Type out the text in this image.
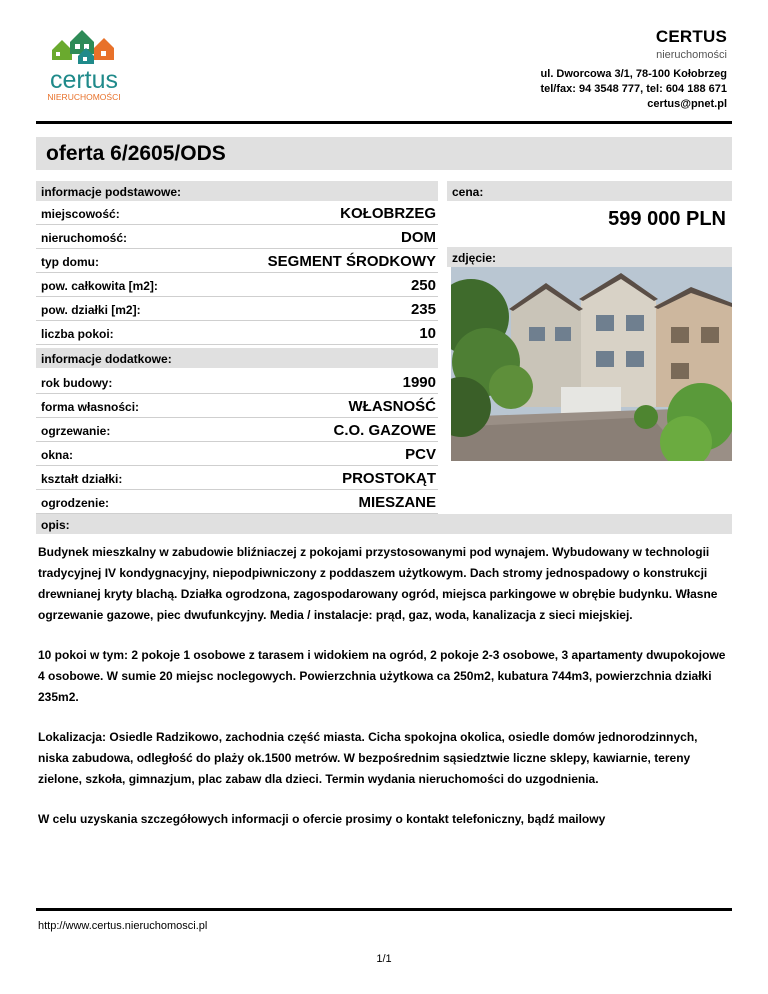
certus
NIERUCHOMOŚCI
CERTUS
nieruchomości
ul. Dworcowa 3/1, 78-100 Kołobrzeg
tel/fax: 94 3548 777, tel: 604 188 671
certus@pnet.pl
oferta 6/2605/ODS
informacje podstawowe:	cena:
599 000 PLN
zdjęcie:
miejscowość:	KOŁOBRZEG
nieruchomość:	DOM
typ domu:	SEGMENT ŚRODKOWY
pow. całkowita [m2]:	250
pow. działki [m2]:	235
liczba pokoi:	10
informacje dodatkowe:
rok budowy:	1990
forma własności:	WŁASNOŚĆ
ogrzewanie:	C.O. GAZOWE
okna:	PCV
kształt działki:	PROSTOKĄT
ogrodzenie:	MIESZANE
opis:

Budynek mieszkalny w zabudowie bliźniaczej z pokojami przystosowanymi pod wynajem. Wybudowany w technologii tradycyjnej IV kondygnacyjny, niepodpiwniczony z poddaszem użytkowym. Dach stromy jednospadowy o konstrukcji drewnianej kryty blachą. Działka ogrodzona, zagospodarowany ogród, miejsca parkingowe w obrębie budynku. Własne ogrzewanie gazowe, piec dwufunkcyjny. Media / instalacje: prąd, gaz, woda, kanalizacja z sieci miejskiej.

10 pokoi w tym: 2 pokoje 1 osobowe z tarasem i widokiem na ogród, 2 pokoje 2-3 osobowe, 3 apartamenty dwupokojowe 4 osobowe. W sumie 20 miejsc noclegowych. Powierzchnia użytkowa ca 250m2, kubatura 744m3, powierzchnia działki 235m2.

Lokalizacja: Osiedle Radzikowo, zachodnia część miasta. Cicha spokojna okolica, osiedle domów jednorodzinnych, niska zabudowa, odległość do plaży ok.1500 metrów. W bezpośrednim sąsiedztwie liczne sklepy, kawiarnie, tereny zielone, szkoła, gimnazjum, plac zabaw dla dzieci. Termin wydania nieruchomości do uzgodnienia.

W celu uzyskania szczegółowych informacji o ofercie prosimy o kontakt telefoniczny, bądź mailowy

http://www.certus.nieruchomosci.pl
1/1
